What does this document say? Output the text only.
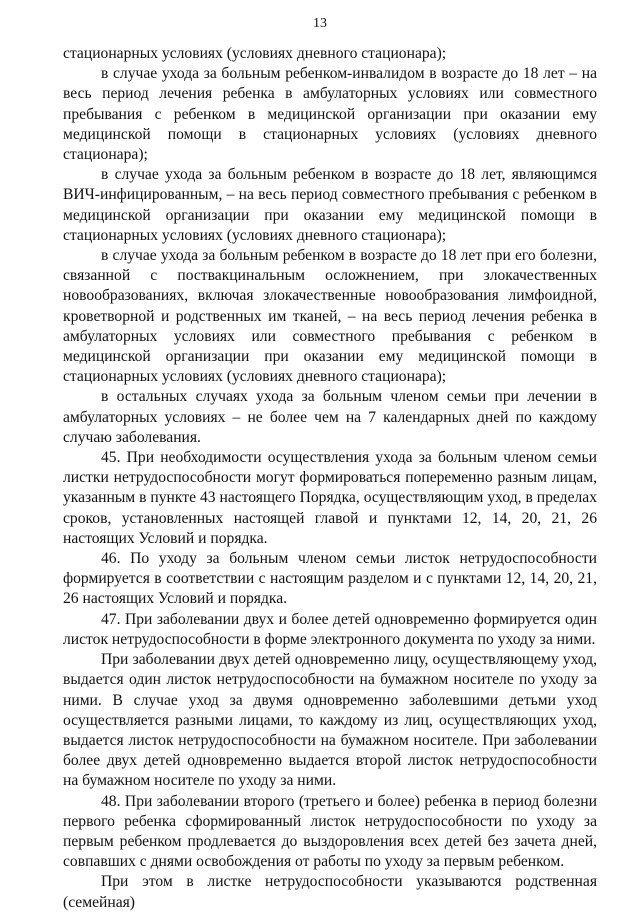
13

стационарных условиях (условиях дневного стационара);

в случае ухода за больным ребенком-инвалидом в возрасте до 18 лет – на весь период лечения ребенка в амбулаторных условиях или совместного пребывания с ребенком в медицинской организации при оказании ему медицинской помощи в стационарных условиях (условиях дневного стационара);

в случае ухода за больным ребенком в возрасте до 18 лет, являющимся ВИЧ-инфицированным, – на весь период совместного пребывания с ребенком в медицинской организации при оказании ему медицинской помощи в стационарных условиях (условиях дневного стационара);

в случае ухода за больным ребенком в возрасте до 18 лет при его болезни, связанной с поствакцинальным осложнением, при злокачественных новообразованиях, включая злокачественные новообразования лимфоидной, кроветворной и родственных им тканей, – на весь период лечения ребенка в амбулаторных условиях или совместного пребывания с ребенком в медицинской организации при оказании ему медицинской помощи в стационарных условиях (условиях дневного стационара);

в остальных случаях ухода за больным членом семьи при лечении в амбулаторных условиях – не более чем на 7 календарных дней по каждому случаю заболевания.

45. При необходимости осуществления ухода за больным членом семьи листки нетрудоспособности могут формироваться попеременно разным лицам, указанным в пункте 43 настоящего Порядка, осуществляющим уход, в пределах сроков, установленных настоящей главой и пунктами 12, 14, 20, 21, 26 настоящих Условий и порядка.

46. По уходу за больным членом семьи листок нетрудоспособности формируется в соответствии с настоящим разделом и с пунктами 12, 14, 20, 21, 26 настоящих Условий и порядка.

47. При заболевании двух и более детей одновременно формируется один листок нетрудоспособности в форме электронного документа по уходу за ними.

При заболевании двух детей одновременно лицу, осуществляющему уход, выдается один листок нетрудоспособности на бумажном носителе по уходу за ними. В случае уход за двумя одновременно заболевшими детьми уход осуществляется разными лицами, то каждому из лиц, осуществляющих уход, выдается листок нетрудоспособности на бумажном носителе. При заболевании более двух детей одновременно выдается второй листок нетрудоспособности на бумажном носителе по уходу за ними.

48. При заболевании второго (третьего и более) ребенка в период болезни первого ребенка сформированный листок нетрудоспособности по уходу за первым ребенком продлевается до выздоровления всех детей без зачета дней, совпавших с днями освобождения от работы по уходу за первым ребенком.

При этом в листке нетрудоспособности указываются родственная (семейная)
